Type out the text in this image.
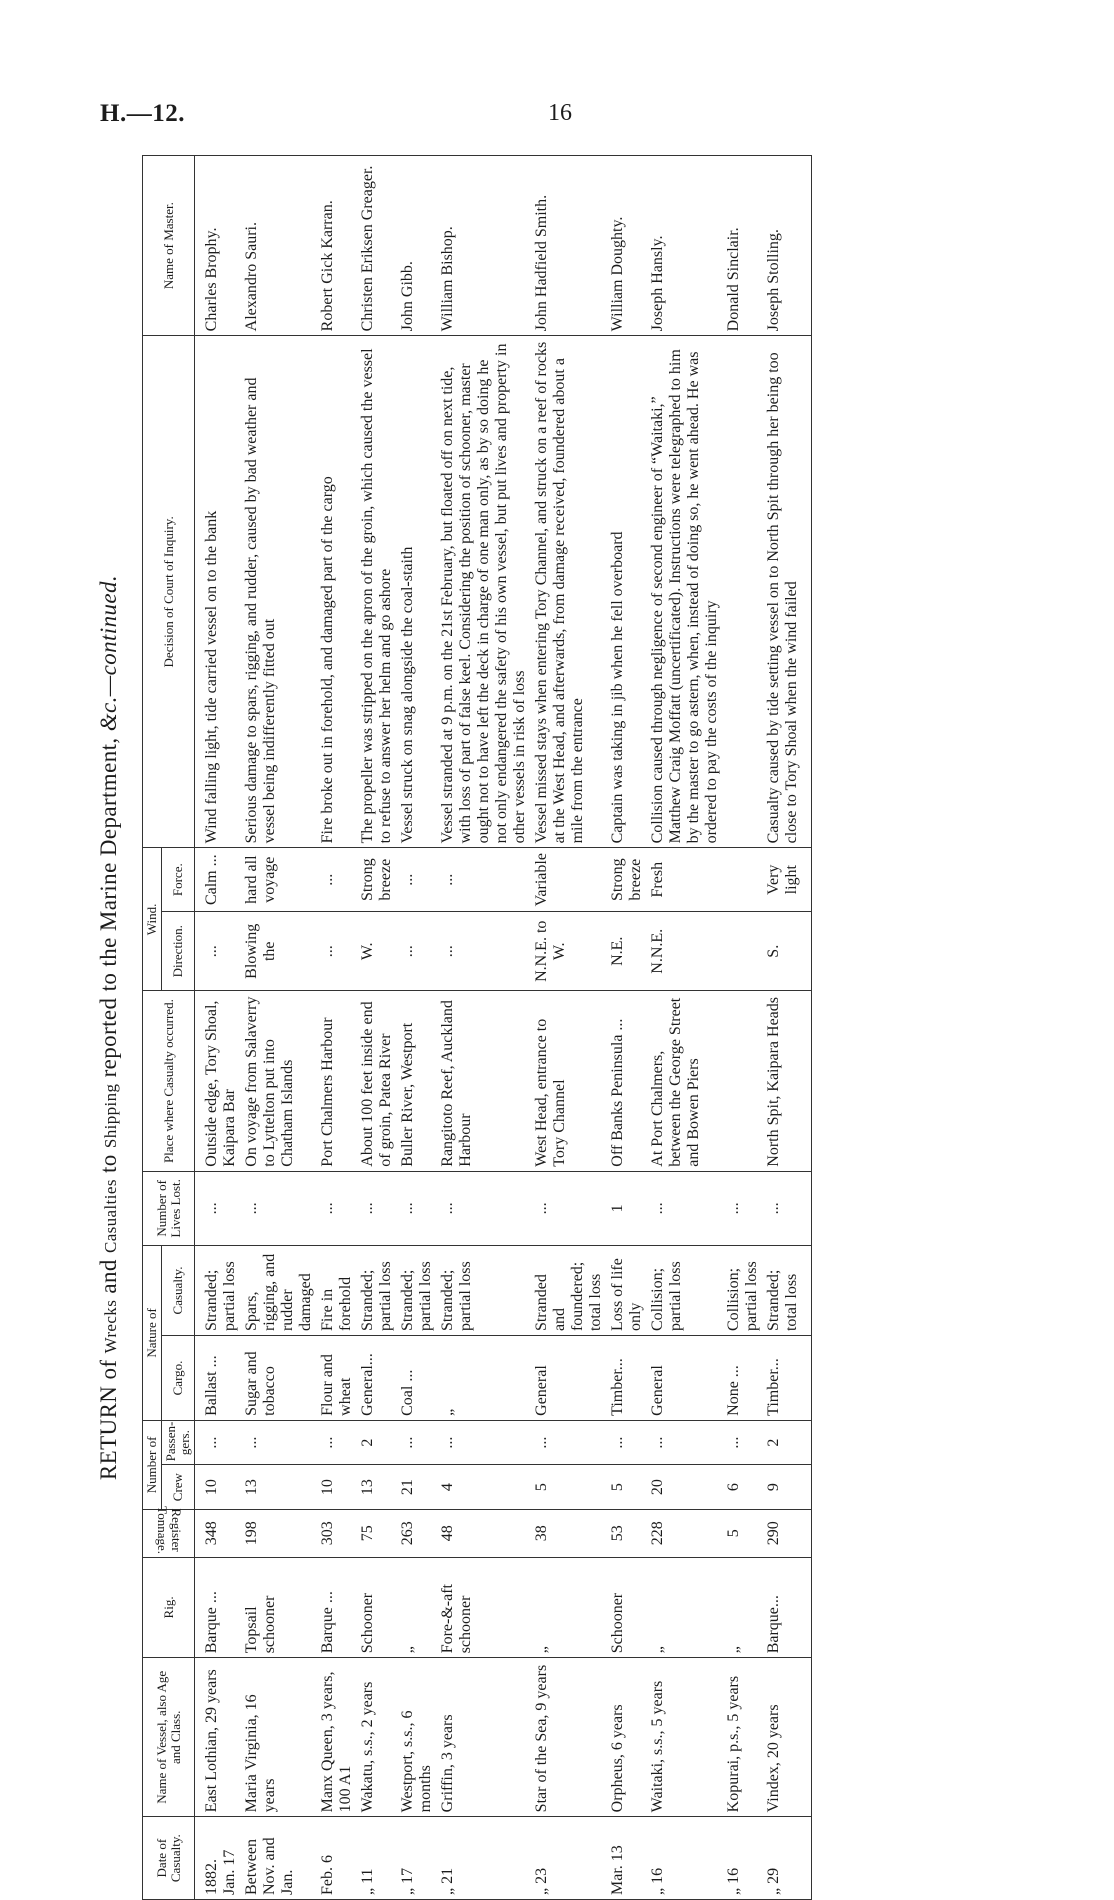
H.—12.	16
RETURN of Wrecks and Casualties to Shipping reported to the Marine Department, &c.—continued.
Date of Casualty.	Name of Vessel, also Age and Class.	Rig.	Register Tonnage.	Number of		Nature of		Number of Lives Lost.	Place where Casualty occurred.	Wind.		Decision of Court of Inquiry.	Name of Master.
				Crew	Passen-gers.	Cargo.	Casualty.			Direction.	Force.		

1882. Jan. 17	East Lothian, 29 years	Barque ...	348	10	...	Ballast ...	Stranded; partial loss	...	Outside edge, Tory Shoal, Kaipara Bar	...	Calm ...	Wind falling light, tide carried vessel on to the bank	Charles Brophy.

Between Nov. and Jan.	Maria Virginia, 16 years	Topsail schooner	198	13	...	Sugar and tobacco	Spars, rigging, and rudder damaged	...	On voyage from Salaverry to Lyttelton put into Chatham Islands	Blowing the	hard all voyage	Serious damage to spars, rigging, and rudder, caused by bad weather and vessel being indifferently fitted out	Alexandro Sauri.

Feb. 6	Manx Queen, 3 years, 100 A1	Barque ...	303	10	...	Flour and wheat	Fire in forehold	...	Port Chalmers Harbour	...	...	Fire broke out in forehold, and damaged part of the cargo	Robert Gick Karran.

„ 11	Wakatu, s.s., 2 years	Schooner	75	13	2	General...	Stranded; partial loss	...	About 100 feet inside end of groin, Patea River	W.	Strong breeze	The propeller was stripped on the apron of the groin, which caused the vessel to refuse to answer her helm and go ashore	Christen Eriksen Greager.

„ 17	Westport, s.s., 6 months	„	263	21	...	Coal ...	Stranded; partial loss	...	Buller River, Westport	...	...	Vessel struck on snag alongside the coal-staith	John Gibb.

„ 21	Griffin, 3 years	Fore-&-aft schooner	48	4	...	„	Stranded; partial loss	...	Rangitoto Reef, Auckland Harbour	...	...	Vessel stranded at 9 p.m. on the 21st February, but floated off on next tide, with loss of part of false keel. Considering the position of schooner, master ought not to have left the deck in charge of one man only, as by so doing he not only endangered the safety of his own vessel, but put lives and property in other vessels in risk of loss	William Bishop.

„ 23	Star of the Sea, 9 years	„	38	5	...	General	Stranded and foundered; total loss	...	West Head, entrance to Tory Channel	N.N.E. to W.	Variable	Vessel missed stays when entering Tory Channel, and struck on a reef of rocks at the West Head, and afterwards, from damage received, foundered about a mile from the entrance	John Hadfield Smith.

Mar. 13	Orpheus, 6 years	Schooner	53	5	...	Timber...	Loss of life only	1	Off Banks Peninsula ...	N.E.	Strong breeze	Captain was taking in jib when he fell overboard	William Doughty.

„ 16	Waitaki, s.s., 5 years	„	228	20	...	General	Collision; partial loss	...	At Port Chalmers, between the George Street and Bowen Piers	N.N.E.	Fresh	Collision caused through negligence of second engineer of “Waitaki,” Matthew Craig Moffatt (uncertificated). Instructions were telegraphed to him by the master to go astern, when, instead of doing so, he went ahead. He was ordered to pay the costs of the inquiry	Joseph Hansly.

„ 16	Kopurai, p.s., 5 years	„	5	6	...	None ...	Collision; partial loss	...					Donald Sinclair.

„ 29	Vindex, 20 years	Barque...	290	9	2	Timber...	Stranded; total loss	...	North Spit, Kaipara Heads	S.	Very light	Casualty caused by tide setting vessel on to North Spit through her being too close to Tory Shoal when the wind failed	Joseph Stolling.
